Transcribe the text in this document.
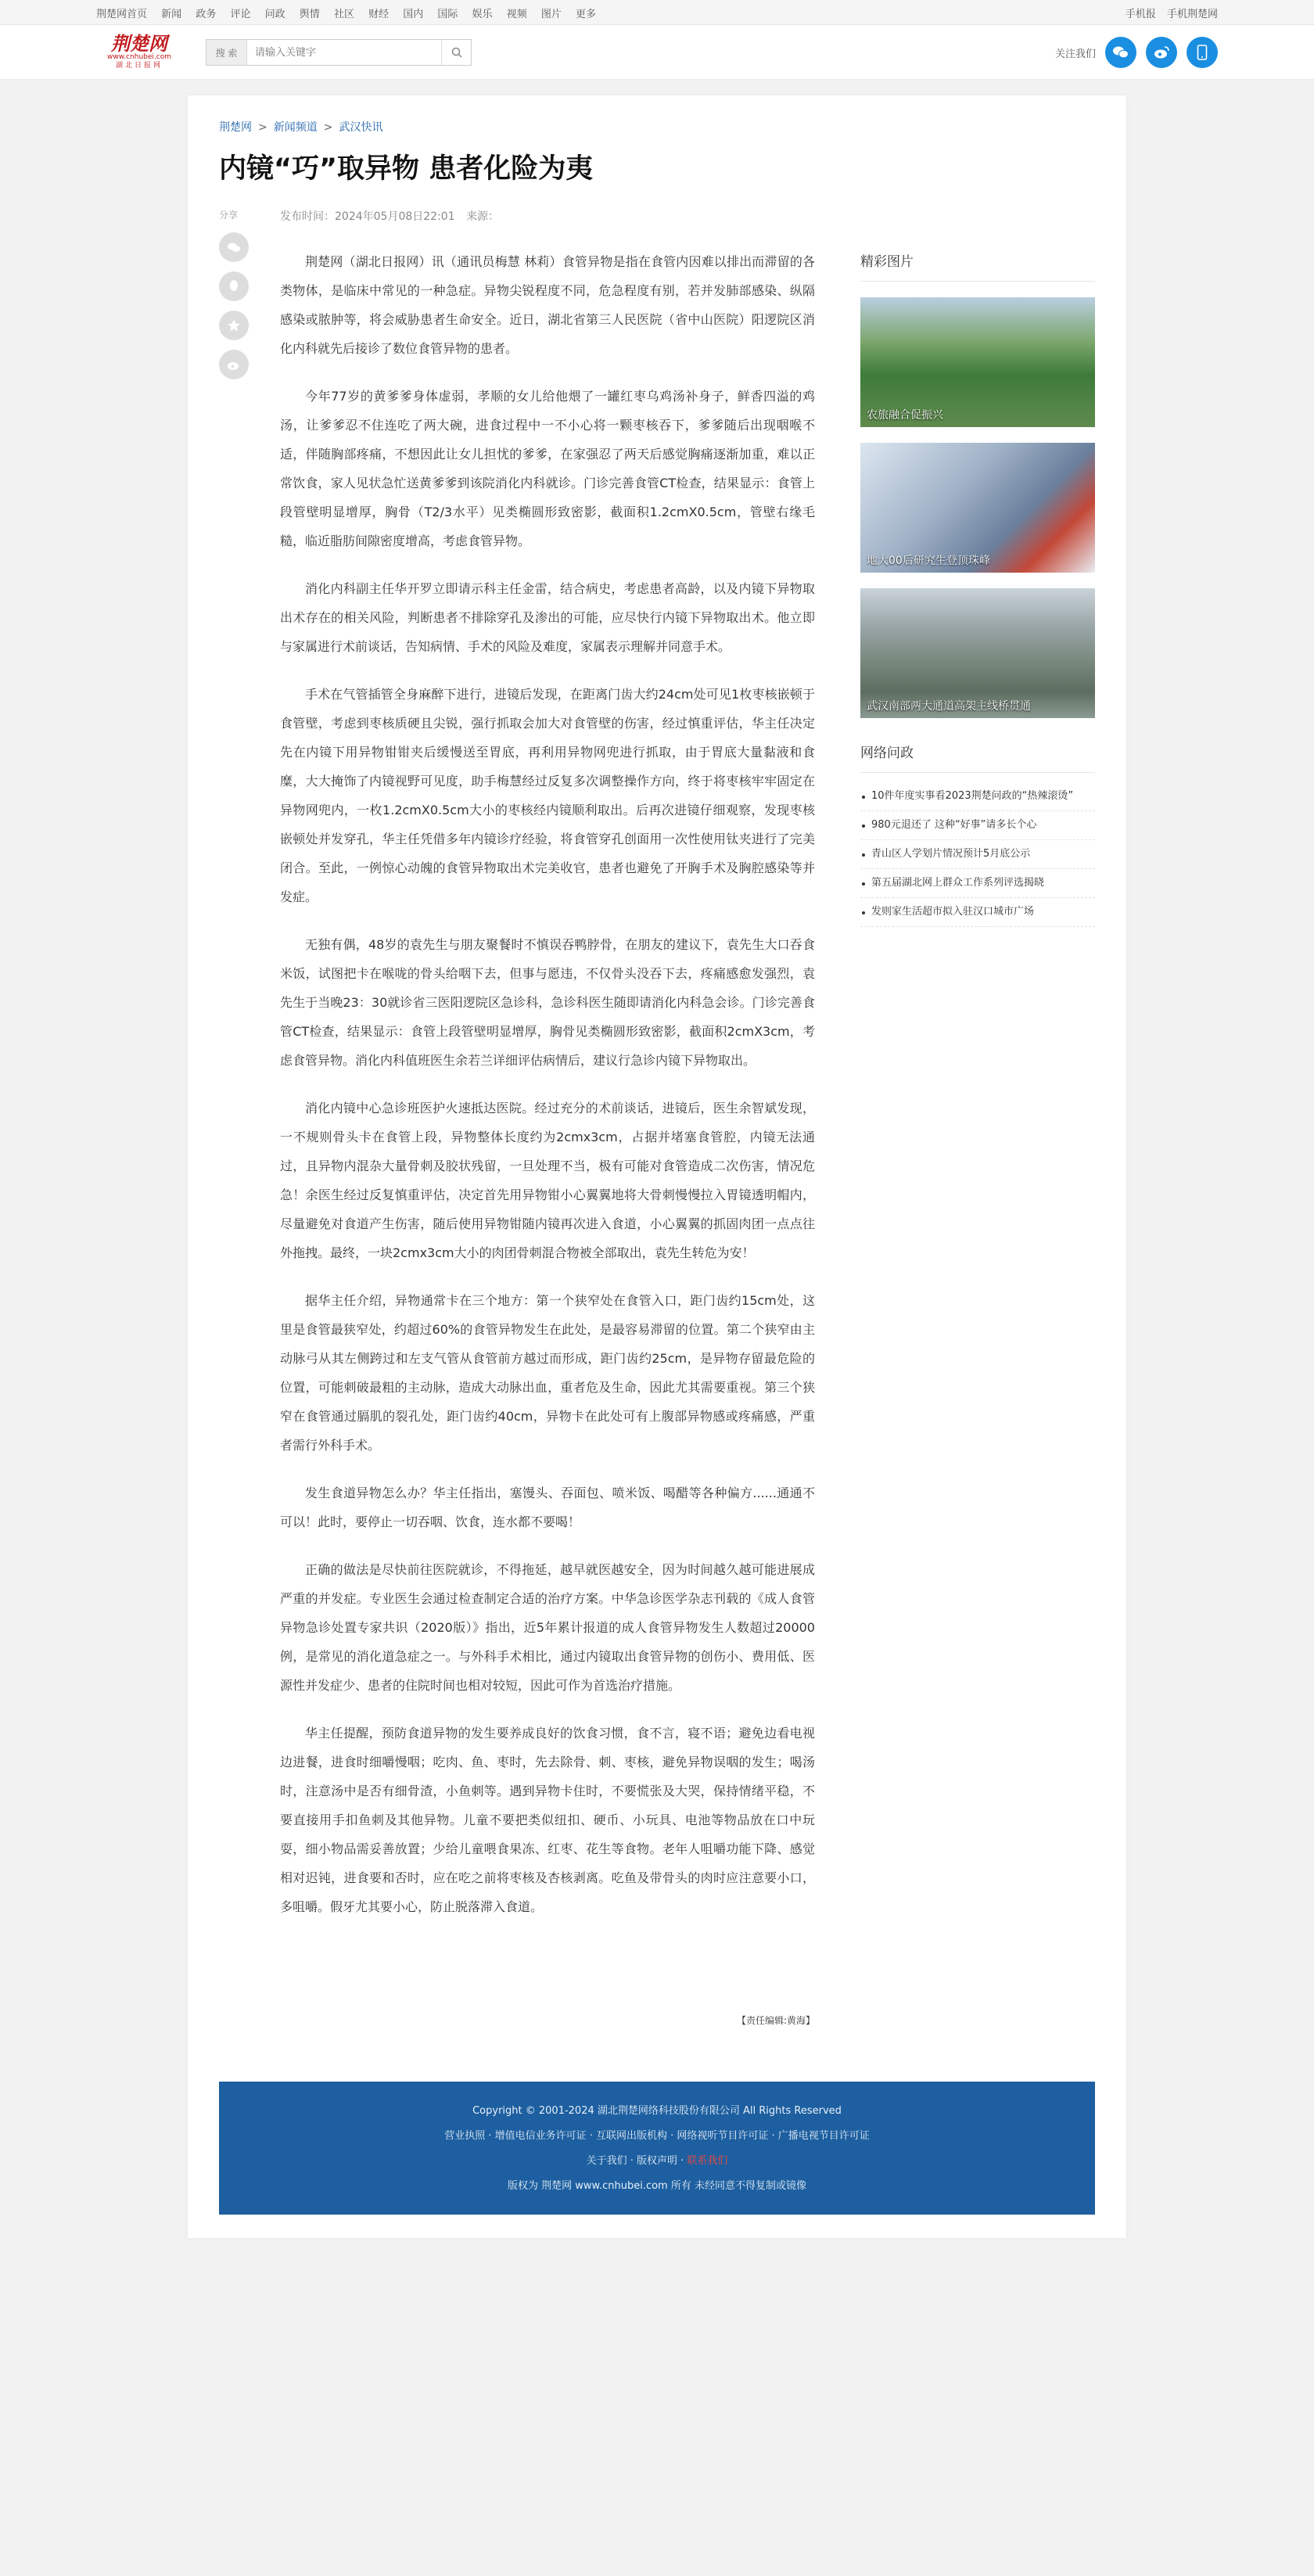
荆楚网首页 新闻 政务 评论 问政 舆情 社区 财经 国内 国际 娱乐 视频 图片 更多	手机报 手机荆楚网
荆楚网
www.cnhubei.com
湖北日报网
搜 索
请输入关键字	关注我们
荆楚网 > 新闻频道 > 武汉快讯
内镜“巧”取异物 患者化险为夷
分享	发布时间：2024年05月08日22:01 来源：

荆楚网（湖北日报网）讯（通讯员梅慧 林莉）食管异物是指在食管内因难以排出而滞留的各类物体，是临床中常见的一种急症。异物尖锐程度不同，危急程度有别，若并发肺部感染、纵隔感染或脓肿等，将会威胁患者生命安全。近日，湖北省第三人民医院（省中山医院）阳逻院区消化内科就先后接诊了数位食管异物的患者。

今年77岁的黄爹爹身体虚弱，孝顺的女儿给他煨了一罐红枣乌鸡汤补身子，鲜香四溢的鸡汤，让爹爹忍不住连吃了两大碗，进食过程中一不小心将一颗枣核吞下，爹爹随后出现咽喉不适，伴随胸部疼痛，不想因此让女儿担忧的爹爹，在家强忍了两天后感觉胸痛逐渐加重，难以正常饮食，家人见状急忙送黄爹爹到该院消化内科就诊。门诊完善食管CT检查，结果显示：食管上段管壁明显增厚，胸骨（T2/3水平）见类椭圆形致密影，截面积1.2cmX0.5cm，管壁右缘毛糙，临近脂肪间隙密度增高，考虑食管异物。

消化内科副主任华开罗立即请示科主任金雷，结合病史，考虑患者高龄，以及内镜下异物取出术存在的相关风险，判断患者不排除穿孔及渗出的可能，应尽快行内镜下异物取出术。他立即与家属进行术前谈话，告知病情、手术的风险及难度，家属表示理解并同意手术。

手术在气管插管全身麻醉下进行，进镜后发现，在距离门齿大约24cm处可见1枚枣核嵌顿于食管壁，考虑到枣核质硬且尖锐，强行抓取会加大对食管壁的伤害，经过慎重评估，华主任决定先在内镜下用异物钳钳夹后缓慢送至胃底，再利用异物网兜进行抓取，由于胃底大量黏液和食糜，大大掩饰了内镜视野可见度，助手梅慧经过反复多次调整操作方向，终于将枣核牢牢固定在异物网兜内，一枚1.2cmX0.5cm大小的枣核经内镜顺利取出。后再次进镜仔细观察，发现枣核嵌顿处并发穿孔，华主任凭借多年内镜诊疗经验，将食管穿孔创面用一次性使用钛夹进行了完美闭合。至此，一例惊心动魄的食管异物取出术完美收官，患者也避免了开胸手术及胸腔感染等并发症。

无独有偶，48岁的袁先生与朋友聚餐时不慎误吞鸭脖骨，在朋友的建议下，袁先生大口吞食米饭，试图把卡在喉咙的骨头给咽下去，但事与愿违，不仅骨头没吞下去，疼痛感愈发强烈，袁先生于当晚23：30就诊省三医阳逻院区急诊科，急诊科医生随即请消化内科急会诊。门诊完善食管CT检查，结果显示：食管上段管壁明显增厚，胸骨见类椭圆形致密影，截面积2cmX3cm，考虑食管异物。消化内科值班医生余若兰详细评估病情后，建议行急诊内镜下异物取出。

消化内镜中心急诊班医护火速抵达医院。经过充分的术前谈话，进镜后，医生余智斌发现，一不规则骨头卡在食管上段，异物整体长度约为2cmx3cm，占据并堵塞食管腔，内镜无法通过，且异物内混杂大量骨刺及胶状残留，一旦处理不当，极有可能对食管造成二次伤害，情况危急！余医生经过反复慎重评估，决定首先用异物钳小心翼翼地将大骨刺慢慢拉入胃镜透明帽内，尽量避免对食道产生伤害，随后使用异物钳随内镜再次进入食道，小心翼翼的抓固肉团一点点往外拖拽。最终，一块2cmx3cm大小的肉团骨刺混合物被全部取出，袁先生转危为安！

据华主任介绍，异物通常卡在三个地方：第一个狭窄处在食管入口，距门齿约15cm处，这里是食管最狭窄处，约超过60%的食管异物发生在此处，是最容易滞留的位置。第二个狭窄由主动脉弓从其左侧跨过和左支气管从食管前方越过而形成，距门齿约25cm，是异物存留最危险的位置，可能刺破最粗的主动脉，造成大动脉出血，重者危及生命，因此尤其需要重视。第三个狭窄在食管通过膈肌的裂孔处，距门齿约40cm，异物卡在此处可有上腹部异物感或疼痛感，严重者需行外科手术。

发生食道异物怎么办？华主任指出，塞馒头、吞面包、喷米饭、喝醋等各种偏方......通通不可以！此时，要停止一切吞咽、饮食，连水都不要喝！

正确的做法是尽快前往医院就诊，不得拖延，越早就医越安全，因为时间越久越可能进展成严重的并发症。专业医生会通过检查制定合适的治疗方案。中华急诊医学杂志刊载的《成人食管异物急诊处置专家共识（2020版）》指出，近5年累计报道的成人食管异物发生人数超过20000例，是常见的消化道急症之一。与外科手术相比，通过内镜取出食管异物的创伤小、费用低、医源性并发症少、患者的住院时间也相对较短，因此可作为首选治疗措施。

华主任提醒，预防食道异物的发生要养成良好的饮食习惯，食不言，寝不语；避免边看电视边进餐，进食时细嚼慢咽；吃肉、鱼、枣时，先去除骨、刺、枣核，避免异物误咽的发生；喝汤时，注意汤中是否有细骨渣，小鱼刺等。遇到异物卡住时，不要慌张及大哭，保持情绪平稳，不要直接用手扣鱼刺及其他异物。儿童不要把类似纽扣、硬币、小玩具、电池等物品放在口中玩耍，细小物品需妥善放置；少给儿童喂食果冻、红枣、花生等食物。老年人咀嚼功能下降、感觉相对迟钝，进食要和否时，应在吃之前将枣核及杏核剥离。吃鱼及带骨头的肉时应注意要小口，多咀嚼。假牙尤其要小心，防止脱落滞入食道。

【责任编辑:黄海】
精彩图片
农旅融合促振兴
地大00后研究生登顶珠峰
武汉南部两大通道高架主线桥贯通
网络问政
10件年度实事看2023荆楚问政的“热辣滚烫”
980元退还了 这种“好事”请多长个心
青山区人学划片情况预计5月底公示
第五届湖北网上群众工作系列评选揭晓
发则家生活超市拟入驻汉口城市广场
Copyright © 2001-2024 湖北荆楚网络科技股份有限公司 All Rights Reserved
营业执照 · 增值电信业务许可证 · 互联网出版机构 · 网络视听节目许可证 · 广播电视节目许可证
关于我们 · 版权声明 · 联系我们
版权为 荆楚网 www.cnhubei.com 所有 未经同意不得复制或镜像
